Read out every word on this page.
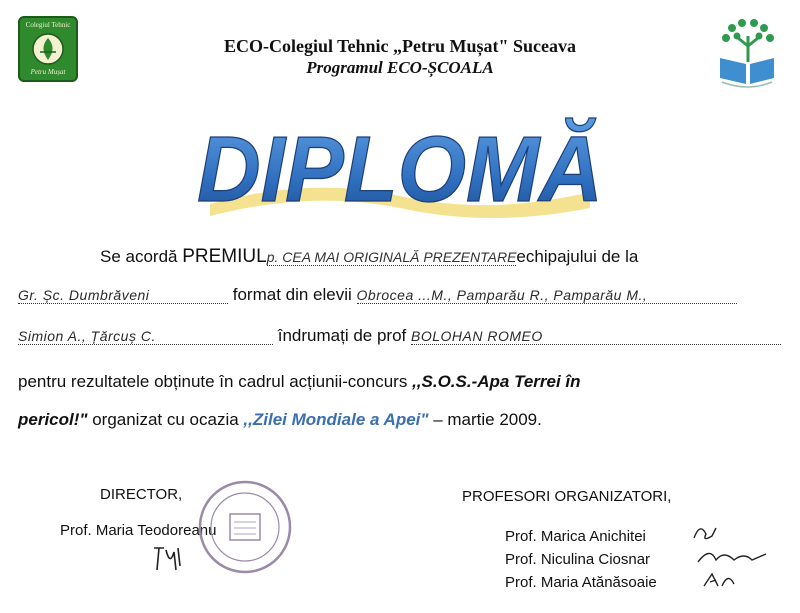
Colegiul Tehnic
Petru Mușat
ECO-Colegiul Tehnic „Petru Mușat" Suceava
Programul ECO-ȘCOALA
DIPLOMĂ
Se acordă PREMIULp. CEA MAI ORIGINALĂ PREZENTAREechipajului de la
Gr. Șc. Dumbrăveni	format din elevii Obrocea ...M., Pamparău R., Pamparău M.,
Simion A., Țărcuș C.	îndrumați de prof BOLOHAN ROMEO
pentru rezultatele obținute în cadrul acțiunii-concurs ,,S.O.S.-Apa Terrei în
pericol!" organizat cu ocazia ,,Zilei Mondiale a Apei" – martie 2009.
DIRECTOR,
Prof. Maria Teodoreanu
PROFESORI ORGANIZATORI,
Prof. Marica Anichitei
Prof. Niculina Ciosnar
Prof. Maria Atănăsoaie
